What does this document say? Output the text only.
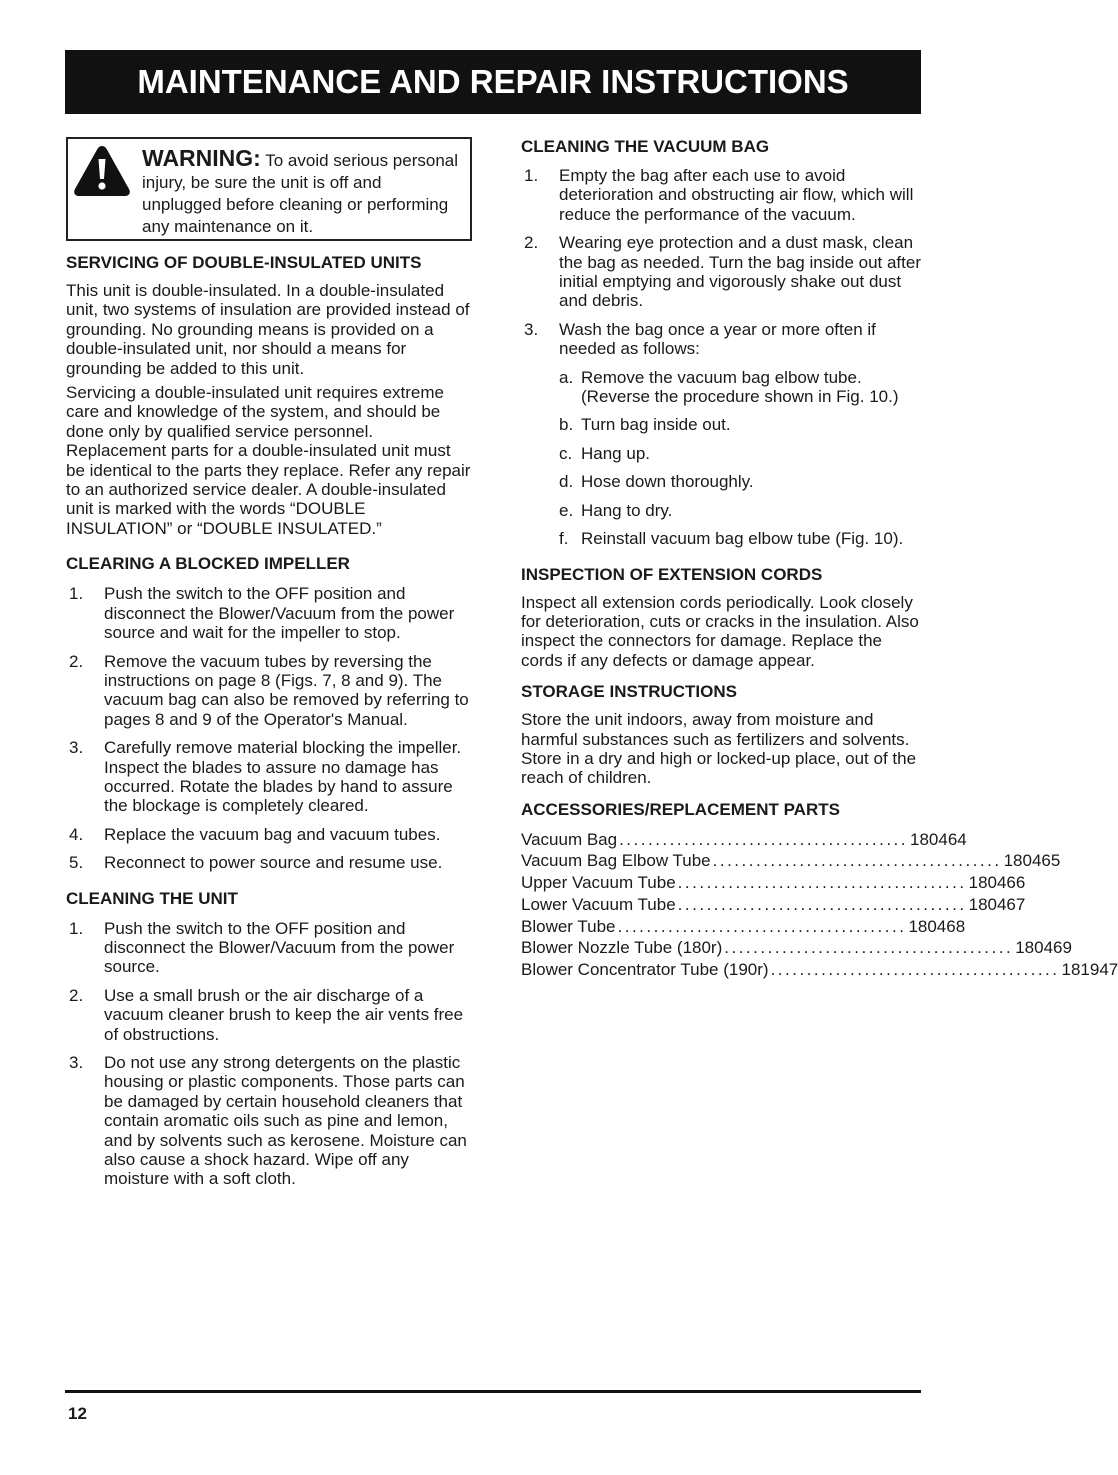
MAINTENANCE AND REPAIR INSTRUCTIONS
WARNING: To avoid serious personal injury, be sure the unit is off and unplugged before cleaning or performing any maintenance on it.
SERVICING OF DOUBLE-INSULATED UNITS

This unit is double-insulated. In a double-insulated unit, two systems of insulation are provided instead of grounding. No grounding means is provided on a double-insulated unit, nor should a means for grounding be added to this unit.

Servicing a double-insulated unit requires extreme care and knowledge of the system, and should be done only by qualified service personnel. Replacement parts for a double-insulated unit must be identical to the parts they replace. Refer any repair to an authorized service dealer. A double-insulated unit is marked with the words “DOUBLE INSULATION” or “DOUBLE INSULATED.”

CLEARING A BLOCKED IMPELLER
1. Push the switch to the OFF position and disconnect the Blower/Vacuum from the power source and wait for the impeller to stop.
2. Remove the vacuum tubes by reversing the instructions on page 8 (Figs. 7, 8 and 9). The vacuum bag can also be removed by referring to pages 8 and 9 of the Operator's Manual.
3. Carefully remove material blocking the impeller. Inspect the blades to assure no damage has occurred. Rotate the blades by hand to assure the blockage is completely cleared.
4. Replace the vacuum bag and vacuum tubes.
5. Reconnect to power source and resume use.
CLEANING THE UNIT
1. Push the switch to the OFF position and disconnect the Blower/Vacuum from the power source.
2. Use a small brush or the air discharge of a vacuum cleaner brush to keep the air vents free of obstructions.
3. Do not use any strong detergents on the plastic housing or plastic components. Those parts can be damaged by certain household cleaners that contain aromatic oils such as pine and lemon, and by solvents such as kerosene. Moisture can also cause a shock hazard. Wipe off any moisture with a soft cloth.
CLEANING THE VACUUM BAG
1. Empty the bag after each use to avoid deterioration and obstructing air flow, which will reduce the performance of the vacuum.
2. Wearing eye protection and a dust mask, clean the bag as needed. Turn the bag inside out after initial emptying and vigorously shake out dust and debris.
3. Wash the bag once a year or more often if needed as follows:
a. Remove the vacuum bag elbow tube. (Reverse the procedure shown in Fig. 10.)
b. Turn bag inside out.
c. Hang up.
d. Hose down thoroughly.
e. Hang to dry.
f. Reinstall vacuum bag elbow tube (Fig. 10).
INSPECTION OF EXTENSION CORDS

Inspect all extension cords periodically. Look closely for deterioration, cuts or cracks in the insulation. Also inspect the connectors for damage. Replace the cords if any defects or damage appear.

STORAGE INSTRUCTIONS

Store the unit indoors, away from moisture and harmful substances such as fertilizers and solvents. Store in a dry and high or locked-up place, out of the reach of children.

ACCESSORIES/REPLACEMENT PARTS
Vacuum Bag ........................................ 180464
Vacuum Bag Elbow Tube ........................................ 180465
Upper Vacuum Tube ........................................ 180466
Lower Vacuum Tube ........................................ 180467
Blower Tube ........................................ 180468
Blower Nozzle Tube (180r) ........................................ 180469
Blower Concentrator Tube (190r) ........................................ 181947
12
